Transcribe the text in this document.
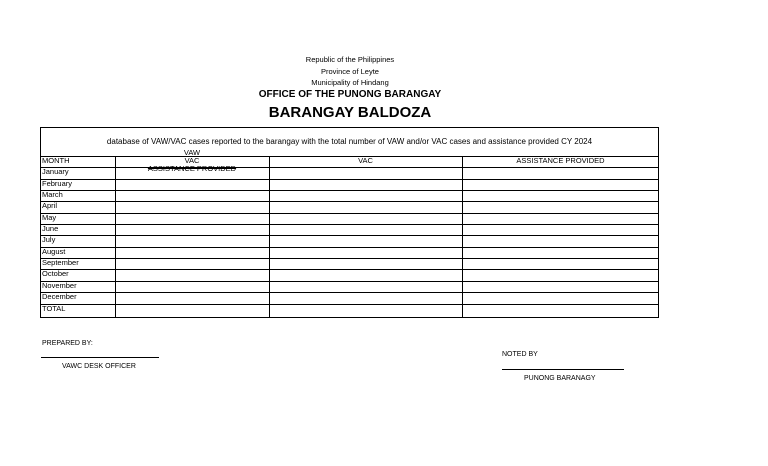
Republic of the Philippines
Province of Leyte
Municipality of Hindang
OFFICE OF THE PUNONG BARANGAY
BARANGAY BALDOZA
database of VAW/VAC cases reported to the barangay with the total number of VAW and/or VAC cases and assistance provided CY 2024
MONTH
VAW
VAC
ASSISTANCE PROVIDED
VAC	ASSISTANCE PROVIDED
January
February
March
April
May
June
July
August
September
October
November
December
TOTAL
PREPARED BY:
VAWC DESK OFFICER
NOTED BY
PUNONG BARANAGY
